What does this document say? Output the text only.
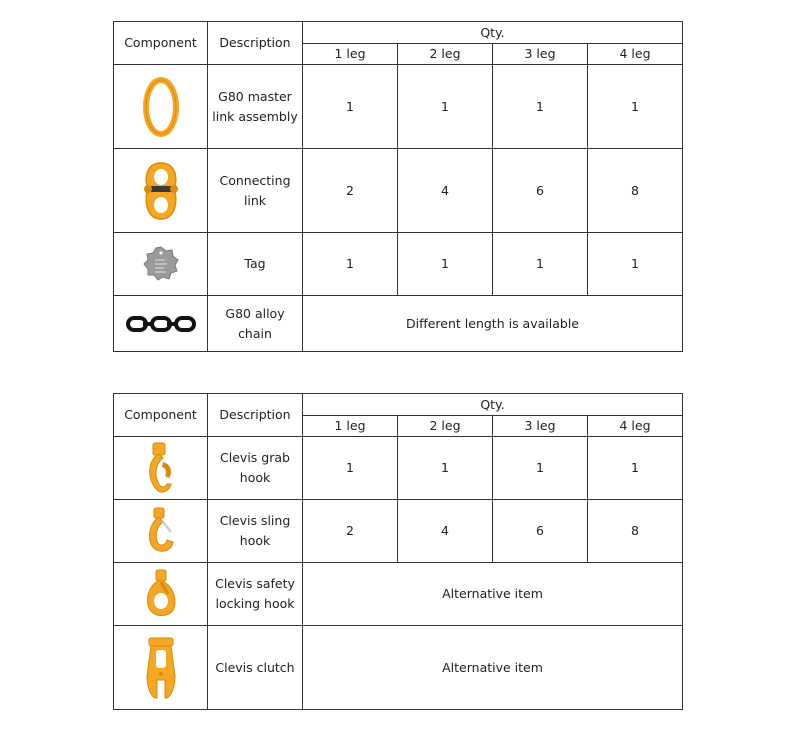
Component	Description	Qty.			
		1 leg	2 leg	3 leg	4 leg

	G80 master link assembly	1	1	1	1

	Connecting link	2	4	6	8

	Tag	1	1	1	1

	G80 alloy chain	Different length is available			
Component	Description	Qty.			
		1 leg	2 leg	3 leg	4 leg

	Clevis grab hook	1	1	1	1

	Clevis sling hook	2	4	6	8

	Clevis safety locking hook	Alternative item			

	Clevis clutch	Alternative item			
